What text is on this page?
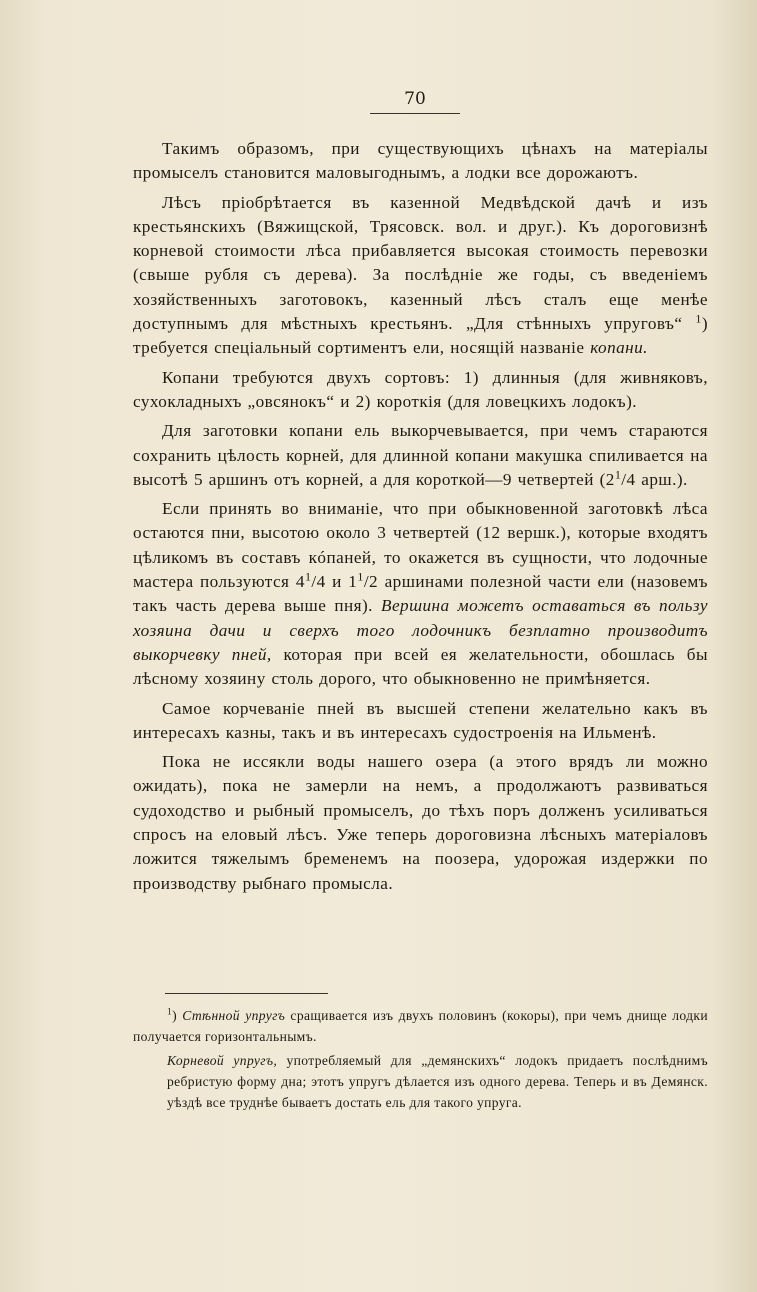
70

Такимъ образомъ, при существующихъ цѣнахъ на матеріалы промыселъ становится маловыгоднымъ, а лодки все дорожаютъ.

Лѣсъ пріобрѣтается въ казенной Медвѣдской дачѣ и изъ крестьянскихъ (Вяжищской, Трясовск. вол. и друг.). Къ дороговизнѣ корневой стоимости лѣса прибавляется высокая стоимость перевозки (свыше рубля съ дерева). За послѣдніе же годы, съ введеніемъ хозяйственныхъ заготовокъ, казенный лѣсъ сталъ еще менѣе доступнымъ для мѣстныхъ крестьянъ. „Для стѣнныхъ упруговъ“ $^1$) требуется спеціальный сортиментъ ели, носящій названіе копани.

Копани требуются двухъ сортовъ: 1) длинныя (для живняковъ, сухокладныхъ „овсянокъ“ и 2) короткія (для ловецкихъ лодокъ).

Для заготовки копани ель выкорчевывается, при чемъ стараются сохранить цѣлость корней, для длинной копани макушка спиливается на высотѣ 5 аршинъ отъ корней, а для короткой—9 четвертей ($2^1/4$ арш.).

Если принять во вниманіе, что при обыкновенной заготовкѣ лѣса остаются пни, высотою около 3 четвертей (12 вершк.), которые входятъ цѣликомъ въ составъ кóпаней, то окажется въ сущности, что лодочные мастера пользуются $4^1/4$ и $1^1/2$ аршинами полезной части ели (назовемъ такъ часть дерева выше пня). Вершина можетъ оставаться въ пользу хозяина дачи и сверхъ того лодочникъ безплатно производитъ выкорчевку пней, которая при всей ея желательности, обошлась бы лѣсному хозяину столь дорого, что обыкновенно не примѣняется.

Самое корчеваніе пней въ высшей степени желательно какъ въ интересахъ казны, такъ и въ интересахъ судостроенія на Ильменѣ.

Пока не иссякли воды нашего озера (а этого врядъ ли можно ожидать), пока не замерли на немъ, а продолжаютъ развиваться судоходство и рыбный промыселъ, до тѣхъ поръ долженъ усиливаться спросъ на еловый лѣсъ. Уже теперь дороговизна лѣсныхъ матеріаловъ ложится тяжелымъ бременемъ на поозера, удорожая издержки по производству рыбнаго промысла.

$^1$) Стѣнной упругъ сращивается изъ двухъ половинъ (кокоры), при чемъ днище лодки получается горизонтальнымъ.

Корневой упругъ, употребляемый для „демянскихъ“ лодокъ придаетъ послѣднимъ ребристую форму дна; этотъ упругъ дѣлается изъ одного дерева. Теперь и въ Демянск. уѣздѣ все труднѣе бываетъ достать ель для такого упруга.
